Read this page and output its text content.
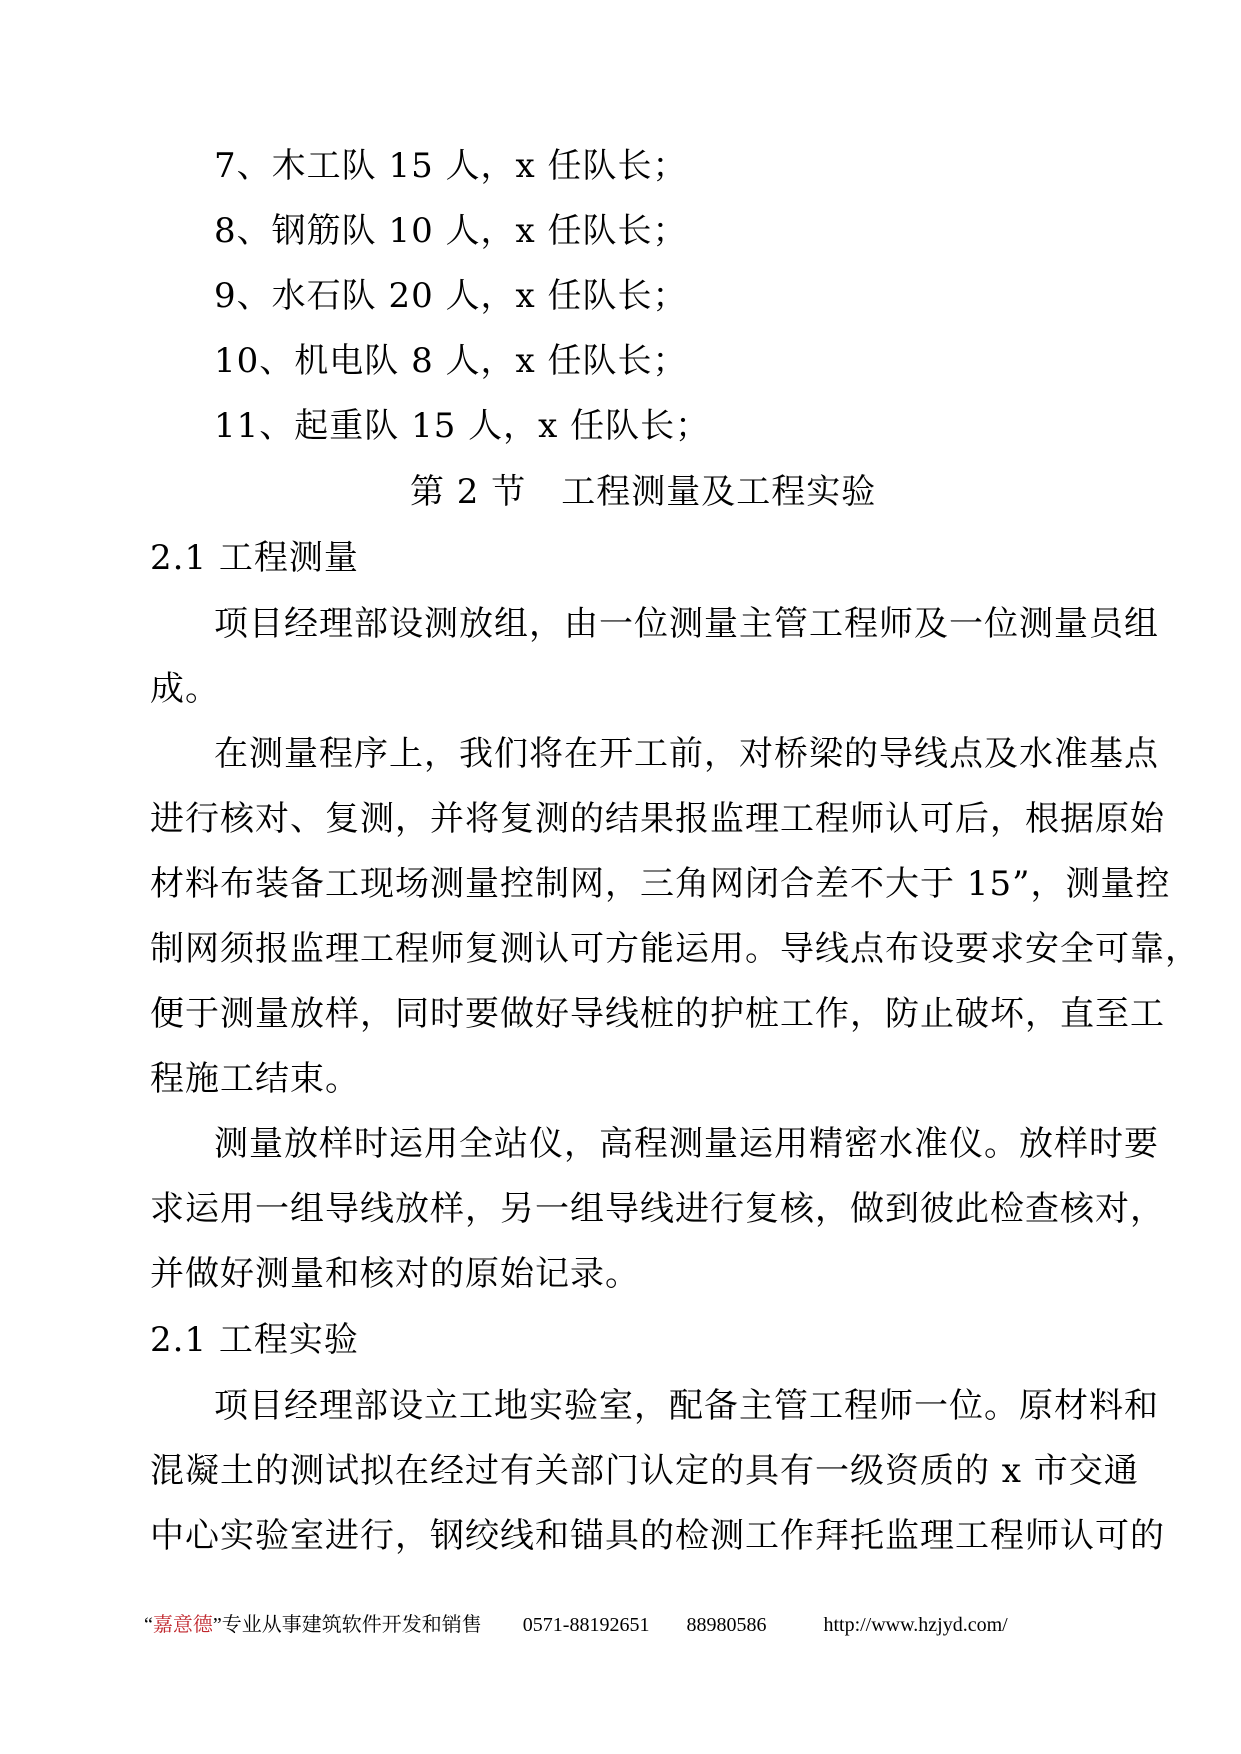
7、木工队 15 人，x 任队长；
8、钢筋队 10 人，x 任队长；
9、水石队 20 人，x 任队长；
10、机电队 8 人，x 任队长；
11、起重队 15 人，x 任队长；
第 2 节　工程测量及工程实验
2.1 工程测量
项目经理部设测放组，由一位测量主管工程师及一位测量员组
成。
在测量程序上，我们将在开工前，对桥梁的导线点及水准基点
进行核对、复测，并将复测的结果报监理工程师认可后，根据原始
材料布装备工现场测量控制网，三角网闭合差不大于 15”，测量控
制网须报监理工程师复测认可方能运用。导线点布设要求安全可靠，
便于测量放样，同时要做好导线桩的护桩工作，防止破坏，直至工
程施工结束。
测量放样时运用全站仪，高程测量运用精密水准仪。放样时要
求运用一组导线放样，另一组导线进行复核，做到彼此检查核对，
并做好测量和核对的原始记录。
2.1 工程实验
项目经理部设立工地实验室，配备主管工程师一位。原材料和
混凝土的测试拟在经过有关部门认定的具有一级资质的 x 市交通
中心实验室进行，钢绞线和锚具的检测工作拜托监理工程师认可的
“嘉意德”专业从事建筑软件开发和销售 0571-88192651 88980586	http://www.hzjyd.com/
